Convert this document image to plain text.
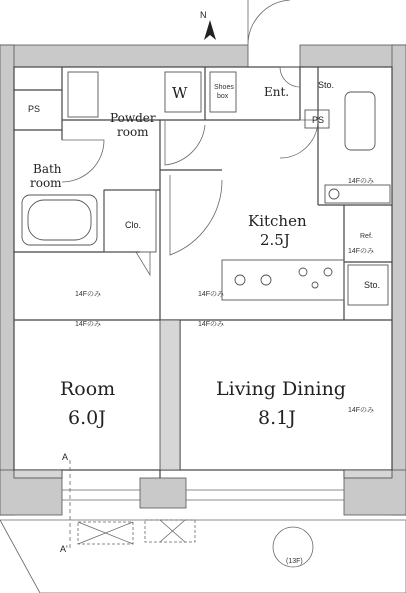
N
W	Shoes
box	Ent.	Sto.
PS
PS
Powder
room
Bath
room
Clo.	Kitchen
2.5J	Ref.
Sto.
Room
6.0J
Living Dining
8.1J
(13F)
A
A'
14Fのみ
14Fのみ
14Fのみ	14Fのみ
14Fのみ	14Fのみ
14Fのみ
